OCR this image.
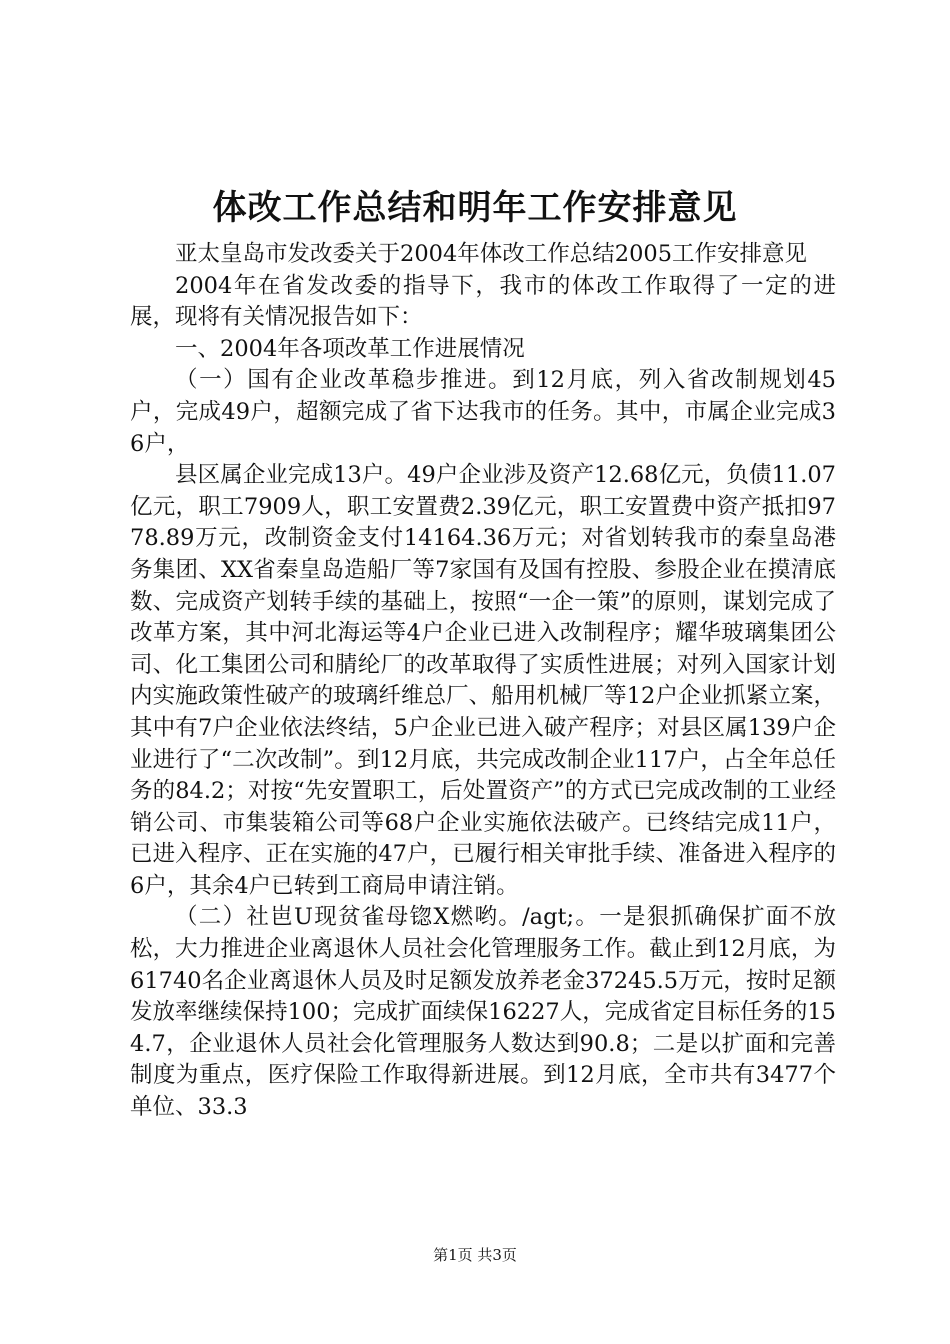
体改工作总结和明年工作安排意见

亚太皇岛市发改委关于2004年体改工作总结2005工作安排意见

2004年在省发改委的指导下，我市的体改工作取得了一定的进展，现将有关情况报告如下：

一、2004年各项改革工作进展情况

（一）国有企业改革稳步推进。到12月底，列入省改制规划45户，完成49户，超额完成了省下达我市的任务。其中，市属企业完成36户，

县区属企业完成13户。49户企业涉及资产12.68亿元，负债11.07亿元，职工7909人，职工安置费2.39亿元，职工安置费中资产抵扣9778.89万元，改制资金支付14164.36万元；对省划转我市的秦皇岛港务集团、XX省秦皇岛造船厂等7家国有及国有控股、参股企业在摸清底数、完成资产划转手续的基础上，按照“一企一策”的原则，谋划完成了改革方案，其中河北海运等4户企业已进入改制程序；耀华玻璃集团公司、化工集团公司和腈纶厂的改革取得了实质性进展；对列入国家计划内实施政策性破产的玻璃纤维总厂、船用机械厂等12户企业抓紧立案，其中有7户企业依法终结，5户企业已进入破产程序；对县区属139户企业进行了“二次改制”。到12月底，共完成改制企业117户，占全年总任务的84.2；对按“先安置职工，后处置资产”的方式已完成改制的工业经销公司、市集装箱公司等68户企业实施依法破产。已终结完成11户，已进入程序、正在实施的47户，已履行相关审批手续、准备进入程序的6户，其余4户已转到工商局申请注销。

（二）社岜U现贫雀母锪X燃哟。/agt;。一是狠抓确保扩面不放松，大力推进企业离退休人员社会化管理服务工作。截止到12月底，为61740名企业离退休人员及时足额发放养老金37245.5万元，按时足额发放率继续保持100；完成扩面续保16227人，完成省定目标任务的154.7，企业退休人员社会化管理服务人数达到90.8；二是以扩面和完善制度为重点，医疗保险工作取得新进展。到12月底，全市共有3477个单位、33.3

第1页 共3页
